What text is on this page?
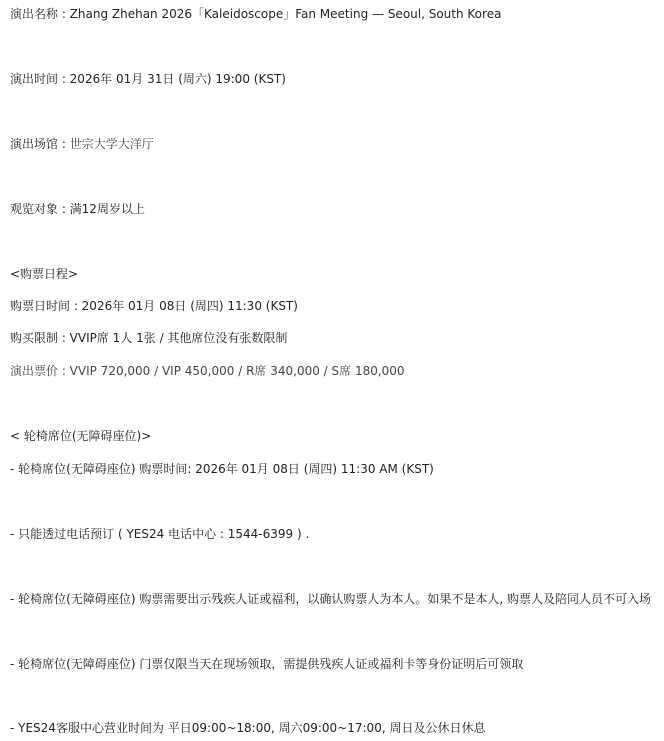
演出名称 : Zhang Zhehan 2026「Kaleidoscope」Fan Meeting — Seoul, South Korea
演出时间 : 2026年 01月 31日 (周六) 19:00 (KST)
演出场馆 : 世宗大学大洋厅
观览对象 : 满12周岁以上
<购票日程>
购票日时间 : 2026年 01月 08日 (周四) 11:30 (KST)
购买限制 : VVIP席 1人 1张 / 其他席位没有张数限制
演出票价 : VVIP 720,000 / VIP 450,000 / R席 340,000 / S席 180,000
< 轮椅席位(无障碍座位)>
- 轮椅席位(无障碍座位) 购票时间: 2026年 01月 08日 (周四) 11:30 AM (KST)
- 只能透过电话预订 ( YES24 电话中心 : 1544-6399 ) .
- 轮椅席位(无障碍座位) 购票需要出示残疾人证或福利，以确认购票人为本人。如果不是本人, 购票人及陪同人员不可入场
- 轮椅席位(无障碍座位) 门票仅限当天在现场领取，需提供残疾人证或福利卡等身份证明后可领取
- YES24客服中心营业时间为 平日09:00~18:00, 周六09:00~17:00, 周日及公休日休息
